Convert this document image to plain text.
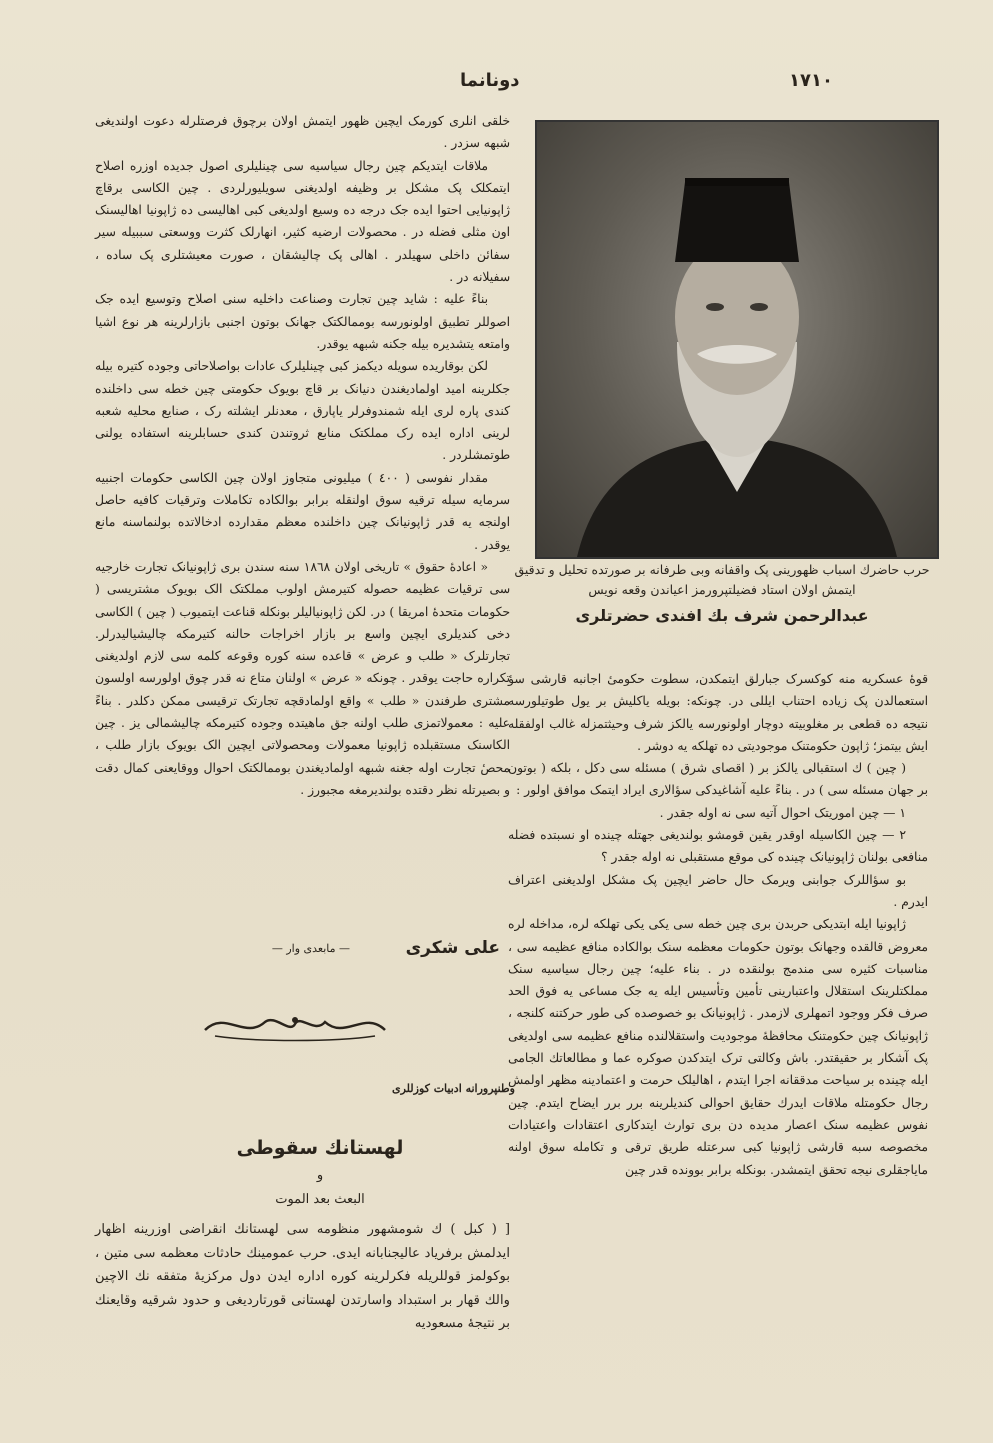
١٧١٠
دونانما

خلقی انلری کورمک ایچین ظهور ایتمش اولان برچوق فرصتلرله دعوت اولندیغی شبهه سزدر .

ملاقات ایتدیکم چین رجال سیاسیه سی چینلیلری اصول جدیده اوزره اصلاح ایتمکلک پک مشکل بر وظیفه اولدیغنی سویلیورلردی . چین الکاسی برقاچ ژاپونیایی احتوا ایده جک درجه ده وسیع اولدیغی کبی اهالیسی ده ژاپونیا اهالیسنک اون مثلی فضله در . محصولات ارضیه کثیر، انهارلک کثرت ووسعتی سببیله سیر سفائن داخلی سهیلدر . اهالی پک چالیشقان ، صورت معیشتلری پک ساده ، سفیلانه در .

بناءً علیه : شاید چین تجارت وصناعت داخلیه سنی اصلاح وتوسیع ایده جک اصوللر تطبیق اولونورسه بوممالکتک جهانک بوتون اجنبی بازارلرینه هر نوع اشیا وامتعه یتشدیره بیله جکنه شبهه یوقدر.

لکن بوقاریده سویله دیکمز کبی چینلیلرک عادات بواصلاحاتی وجوده کتیره بیله جکلرینه امید اولمادیغندن دنیانک بر قاچ بویوک حکومتی چین خطه سی داخلنده کندی پاره لری ایله شمندوفرلر یاپارق ، معدنلر ایشلته رک ، صنایع محلیه شعبه لرینی اداره ایده رک مملکتک منابع ثروتندن کندی حسابلرینه استفاده یولنی طوتمشلردر .

مقدار نفوسی ( ٤٠٠ ) میلیونی متجاوز اولان چین الکاسی حکومات اجنبیه سرمایه سیله ترقیه سوق اولنقله برابر بوالکاده تکاملات وترقیات کافیه حاصل اولنجه یه قدر ژاپونیانک چین داخلنده معظم مقدارده ادخالاتده بولنماسنه مانع یوقدر .

« اعادهٔ حقوق » تاریخی اولان ١٨٦٨ سنه سندن بری ژاپونیانک تجارت خارجیه سی ترقیات عظیمه حصوله کتیرمش اولوب مملکتک الک بویوک مشتریسی ( حکومات متحدهٔ امریقا ) در. لکن ژاپونیالیلر بونکله قناعت ایتمیوب ( چین ) الکاسی دخی کندیلری ایچین واسع بر بازار اخراجات حالنه کتیرمکه چالیشیالیدرلر. تجارتلرک « طلب و عرض » قاعده سنه کوره وقوعه کلمه سی لازم اولدیغنی تکراره حاجت یوقدر . چونکه « عرض » اولنان متاع نه قدر چوق اولورسه اولسون مشتری طرفندن « طلب » واقع اولمادقچه تجارتک ترقیسی ممکن دکلدر . بناءً علیه : معمولاتمزی طلب اولنه جق ماهیتده وجوده کتیرمکه چالیشمالی یز . چین الکاسنک مستقبلده ژاپونیا معمولات ومحصولاتی ایچین الک بویوک بازار طلب ، محصٔ تجارت اوله جغنه شبهه اولمادیغندن بوممالکتک احوال ووقایعنی کمال دقت و بصیرتله نظر دقتده بولندیرمغه مجبورز .

علی شکری
— مابعدی وار —
وطنپرورانه ادبیات کوزللری
لهستانك سقوطی
و
البعث بعد الموت
[ ( کبل ) ك شومشهور منظومه سی لهستانك انقراضی اوزرینه اظهار ایدلمش برفریاد عالیجنابانه ایدی. حرب عمومینك حادثات معظمه سی متین ، بوکولمز قوللریله فکرلرینه کوره اداره ایدن دول مرکزیهٔ متفقه نك الاچین والك قهار بر استبداد واسارتدن لهستانی قورتاردیغی و حدود شرقیه وقایعنك بر نتیجهٔ مسعودیه
حرب حاضرك اسباب ظهورینی پک واقفانه وبی طرفانه بر صورتده تحلیل و تدقیق ایتمش اولان استاد فضیلتپرورمز اعیاندن وقعه نویس
عبدالرحمن شرف بك افندی حضرتلری

قوهٔ عسکریه منه کوکسرک جبارلق ایتمکدن، سطوت حکومیٔ اجانبه قارشی سؤ استعمالدن پک زیاده احتناب ایللی در. چونکه: بویله یاکلیش بر یول طوتیلورسه نتیجه ده قطعی بر مغلوبیته دوچار اولونورسه یالکز شرف وحیثتمزله غالب اولفقله ایش بیتمز؛ ژاپون حکومتنک موجودیتی ده تهلکه یه دوشر .

( چین ) ك استقبالی یالکز بر ( اقصای شرق ) مسئله سی دکل ، بلکه ( بوتون بر جهان مسئله سی ) در . بناءً علیه آشاغیدکی سؤالاری ایراد ایتمک موافق اولور :

١ — چین اموریتک احوال آتیه سی نه اوله جقدر .

٢ — چین الکاسیله اوقدر یقین قومشو بولندیغی جهتله چینده او نسبتده فضله منافعی بولنان ژاپونیانک چینده کی موقع مستقبلی نه اوله جقدر ؟

بو سؤاللرک جوابنی ویرمک حال حاضر ایچین پک مشکل اولدیغنی اعتراف ایدرم .

ژاپونیا ایله ابتدیکی حربدن بری چین خطه سی یکی یکی تهلکه لره، مداخله لره معروض قالقده وجهانک بوتون حکومات معظمه سنک بوالکاده منافع عظیمه سی ، مناسبات کثیره سی مندمج بولنقده در . بناء علیه؛ چین رجال سیاسیه سنک مملکتلرینک استقلال واعتبارینی تأمین وتأسیس ایله یه جک مساعی یه فوق الحد صرف فکر ووجود اتمهلری لازمدر . ژاپونیانک بو خصوصده کی طور حرکتنه کلنجه ، ژاپونیانک چین حکومتنک محافظهٔ موجودیت واستقلالنده منافع عظیمه سی اولدیغی پک آشکار بر حقیقتدر. باش وکالتی ترک ایتدکدن صوکره عما و مطالعاتك الجامی ایله چینده بر سیاحت مدققانه اجرا ایتدم ، اهالیلک حرمت و اعتمادینه مظهر اولمش رجال حکومتله ملاقات ایدرك حقایق احوالی کندیلرینه برر برر ایضاح ایتدم. چین نفوس عظیمه سنک اعصار مدیده دن بری توارث ایتدکاری اعتقادات واعتیادات مخصوصه سبه قارشی ژاپونیا کبی سرعتله طریق ترقی و تکامله سوق اولنه مایاجقلری نیجه تحقق ایتمشدر. بونکله برابر بوونده قدر چین
